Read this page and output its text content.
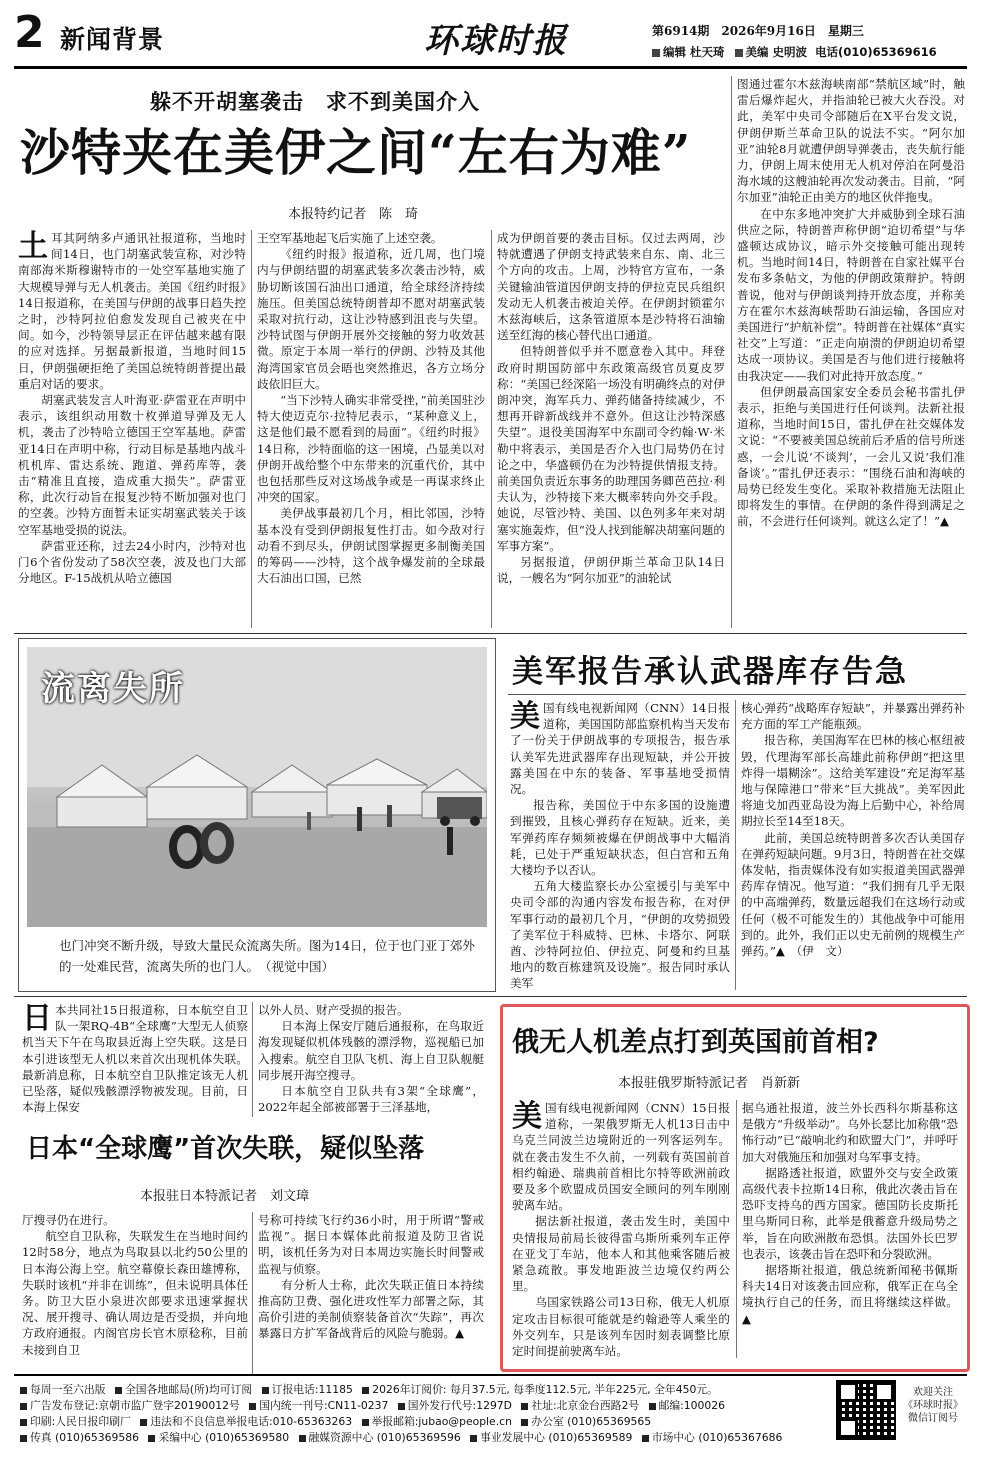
2 新闻背景	环球时报	第6914期　2026年9月16日　星期三
编辑 杜天琦 美编 史明波 电话(010)65369616
躲不开胡塞袭击　求不到美国介入
沙特夹在美伊之间“左右为难”
本报特约记者　陈　琦

土耳其阿纳多卢通讯社报道称，当地时间14日，也门胡塞武装宣称，对沙特南部海米斯穆谢特市的一处空军基地实施了大规模导弹与无人机袭击。美国《纽约时报》14日报道称，在美国与伊朗的战事日趋失控之时，沙特阿拉伯愈发发现自己被夹在中间。如今，沙特领导层正在评估越来越有限的应对选择。另据最新报道，当地时间15日，伊朗强硬拒绝了美国总统特朗普提出最重启对话的要求。

胡塞武装发言人叶海亚·萨雷亚在声明中表示，该组织动用数十枚弹道导弹及无人机，袭击了沙特哈立德国王空军基地。萨雷亚14日在声明中称，行动目标是基地内战斗机机库、雷达系统、跑道、弹药库等，袭击“精准且直接，造成重大损失”。萨雷亚称，此次行动旨在报复沙特不断加强对也门的空袭。沙特方面暂未证实胡塞武装关于该空军基地受损的说法。

萨雷亚还称，过去24小时内，沙特对也门6个省份发动了58次空袭，波及也门大部分地区。F-15战机从哈立德国

王空军基地起飞后实施了上述空袭。

《纽约时报》报道称，近几周，也门境内与伊朗结盟的胡塞武装多次袭击沙特，威胁切断该国石油出口通道，给全球经济持续施压。但美国总统特朗普却不愿对胡塞武装采取对抗行动，这让沙特感到沮丧与失望。沙特试图与伊朗开展外交接触的努力收效甚微。原定于本周一举行的伊朗、沙特及其他海湾国家官员会晤也突然推迟，各方立场分歧依旧巨大。

“当下沙特人确实非常受挫，”前美国驻沙特大使迈克尔·拉特尼表示，“某种意义上，这是他们最不愿看到的局面”。《纽约时报》14日称，沙特面临的这一困境，凸显美以对伊朗开战给整个中东带来的沉重代价，其中也包括那些反对这场战争或是一再谋求终止冲突的国家。

美伊战事最初几个月，相比邻国，沙特基本没有受到伊朗报复性打击。如今敌对行动看不到尽头，伊朗试图掌握更多制衡美国的筹码——沙特，这个战争爆发前的全球最大石油出口国，已然

成为伊朗首要的袭击目标。仅过去两周，沙特就遭遇了伊朗支持武装来自东、南、北三个方向的攻击。上周，沙特官方宣布，一条关键输油管道因伊朗支持的伊拉克民兵组织发动无人机袭击被迫关停。在伊朗封锁霍尔木兹海峡后，这条管道原本是沙特将石油输送至红海的核心替代出口通道。

但特朗普似乎并不愿意卷入其中。拜登政府时期国防部中东政策高级官员夏皮罗称：“美国已经深陷一场没有明确终点的对伊朗冲突，海军兵力、弹药储备持续减少，不想再开辟新战线并不意外。但这让沙特深感失望”。退役美国海军中东副司令约翰·W·米勒中将表示，美国是否介入也门局势仍在讨论之中，华盛顿仍在为沙特提供情报支持。前美国负责近东事务的助理国务卿芭芭拉·利夫认为，沙特接下来大概率转向外交手段。她说，尽管沙特、美国、以色列多年来对胡塞实施轰炸，但“没人找到能解决胡塞问题的军事方案”。

另据报道，伊朗伊斯兰革命卫队14日说，一艘名为“阿尔加亚”的油轮试

图通过霍尔木兹海峡南部“禁航区域”时，触雷后爆炸起火，并指油轮已被大火吞没。对此，美军中央司令部随后在X平台发文说，伊朗伊斯兰革命卫队的说法不实。“阿尔加亚”油轮8月就遭伊朗导弹袭击，丧失航行能力，伊朗上周末使用无人机对停泊在阿曼沿海水域的这艘油轮再次发动袭击。目前，“阿尔加亚”油轮正由美方的地区伙伴拖曳。

在中东多地冲突扩大并威胁到全球石油供应之际，特朗普声称伊朗“迫切希望”与华盛顿达成协议，暗示外交接触可能出现转机。当地时间14日，特朗普在自家社媒平台发布多条帖文，为他的伊朗政策辩护。特朗普说，他对与伊朗谈判持开放态度，并称美方在霍尔木兹海峡帮助石油运输，各国应对美国进行“护航补偿”。特朗普在社媒体“真实社交”上写道：“正走向崩溃的伊朗迫切希望达成一项协议。美国是否与他们进行接触将由我决定——我们对此持开放态度。”

但伊朗最高国家安全委员会秘书雷扎伊表示，拒绝与美国进行任何谈判。法新社报道称，当地时间15日，雷扎伊在社交媒体发文说：“不要被美国总统前后矛盾的信号所迷惑，一会儿说‘不谈判’，一会儿又说‘我们准备谈’。”雷扎伊还表示：“围绕石油和海峡的局势已经发生变化。采取补救措施无法阻止即将发生的事情。在伊朗的条件得到满足之前，不会进行任何谈判。就这么定了！”▲

流离失所
也门冲突不断升级，导致大量民众流离失所。图为14日，位于也门亚丁郊外的一处难民营，流离失所的也门人。　（视觉中国）
美军报告承认武器库存告急

美国有线电视新闻网（CNN）14日报道称，美国国防部监察机构当天发布了一份关于伊朗战事的专项报告，报告承认美军先进武器库存出现短缺，并公开披露美国在中东的装备、军事基地受损情况。

报告称，美国位于中东多国的设施遭到摧毁，且核心弹药存在短缺。近来，美军弹药库存频频被爆在伊朗战事中大幅消耗，已处于严重短缺状态，但白宫和五角大楼均予以否认。

五角大楼监察长办公室援引与美军中央司令部的沟通内容发布报告称，在对伊军事行动的最初几个月，“伊朗的攻势损毁了美军位于科威特、巴林、卡塔尔、阿联酋、沙特阿拉伯、伊拉克、阿曼和约旦基地内的数百栋建筑及设施”。报告同时承认美军

核心弹药“战略库存短缺”，并暴露出弹药补充方面的军工产能瓶颈。

报告称，美国海军在巴林的核心枢纽被毁，代理海军部长高雄此前称伊朗“把这里炸得一塌糊涂”。这给美军建设“充足海军基地与保障港口”带来“巨大挑战”。美军因此将迪戈加西亚岛设为海上后勤中心，补给周期拉长至14至18天。

此前，美国总统特朗普多次否认美国存在弹药短缺问题。9月3日，特朗普在社交媒体发帖，指责媒体没有如实报道美国武器弹药库存情况。他写道：“我们拥有几乎无限的中高端弹药，数量远超我们在这场行动或任何（极不可能发生的）其他战争中可能用到的。此外，我们正以史无前例的规模生产弹药。”▲　（伊　文）

日本共同社15日报道称，日本航空自卫队一架RQ-4B“全球鹰”大型无人侦察机当天下午在鸟取县近海上空失联。这是日本引进该型无人机以来首次出现机体失联。最新消息称，日本航空自卫队推定该无人机已坠落，疑似残骸漂浮物被发现。目前，日本海上保安

以外人员、财产受损的报告。

日本海上保安厅随后通报称，在鸟取近海发现疑似机体残骸的漂浮物，巡视船已加入搜索。航空自卫队飞机、海上自卫队舰艇同步展开海空搜寻。

日本航空自卫队共有3架“全球鹰”，2022年起全部被部署于三泽基地，

日本“全球鹰”首次失联，疑似坠落
本报驻日本特派记者　刘文璋

厅搜寻仍在进行。

航空自卫队称，失联发生在当地时间约12时58分，地点为鸟取县以北约50公里的日本海公海上空。航空幕僚长森田雄博称，失联时该机“并非在训练”，但未说明具体任务。防卫大臣小泉进次郎要求迅速掌握状况、展开搜寻、确认周边是否受损，并向地方政府通报。内阁官房长官木原稔称，目前未接到自卫

号称可持续飞行约36小时，用于所谓“警戒监视”。据日本媒体此前报道及防卫省说明，该机任务为对日本周边实施长时间警戒监视与侦察。

有分析人士称，此次失联正值日本持续推高防卫费、强化进攻性军力部署之际，其高价引进的美制侦察装备首次“失踪”，再次暴露日方扩军备战背后的风险与脆弱。▲

俄无人机差点打到英国前首相?
本报驻俄罗斯特派记者　肖新新

美国有线电视新闻网（CNN）15日报道称，一架俄罗斯无人机13日击中乌克兰同波兰边境附近的一列客运列车。就在袭击发生不久前，一列载有英国前首相约翰逊、瑞典前首相比尔特等欧洲前政要及多个欧盟成员国安全顾问的列车刚刚驶离车站。

据法新社报道，袭击发生时，美国中央情报局前局长彼得雷乌斯所乘列车正停在亚戈丁车站，他本人和其他乘客随后被紧急疏散。事发地距波兰边境仅约两公里。

乌国家铁路公司13日称，俄无人机原定攻击目标很可能就是约翰逊等人乘坐的外交列车，只是该列车因时刻表调整比原定时间提前驶离车站。

据乌通社报道，波兰外长西科尔斯基称这是俄方“升级举动”。乌外长瑟比加称俄“恐怖行动”已“敲响北约和欧盟大门”，并呼吁加大对俄施压和加强对乌军事支持。

据路透社报道，欧盟外交与安全政策高级代表卡拉斯14日称，俄此次袭击旨在恐吓支持乌的西方国家。德国防长皮斯托里乌斯同日称，此举是俄蓄意升级局势之举，旨在向欧洲散布恐惧。法国外长巴罗也表示，该袭击旨在恐吓和分裂欧洲。

据塔斯社报道，俄总统新闻秘书佩斯科夫14日对该袭击回应称，俄军正在乌全境执行自己的任务，而且将继续这样做。▲

每周一至六出版 全国各地邮局(所)均可订阅 订报电话:11185 2026年订阅价: 每月37.5元, 每季度112.5元, 半年225元, 全年450元。
广告发布登记:京朝市监广登字20190012号 国内统一刊号:CN11-0237 国外发行代号:1297D 社址:北京金台西路2号 邮编:100026
印刷:人民日报印刷厂 违法和不良信息举报电话:010-65363263 举报邮箱:jubao@people.cn 办公室 (010)65369565
传真 (010)65369586 采编中心 (010)65369580 融媒资源中心 (010)65369596 事业发展中心 (010)65369589 市场中心 (010)65367686
欢迎关注
《环球时报》
微信订阅号
